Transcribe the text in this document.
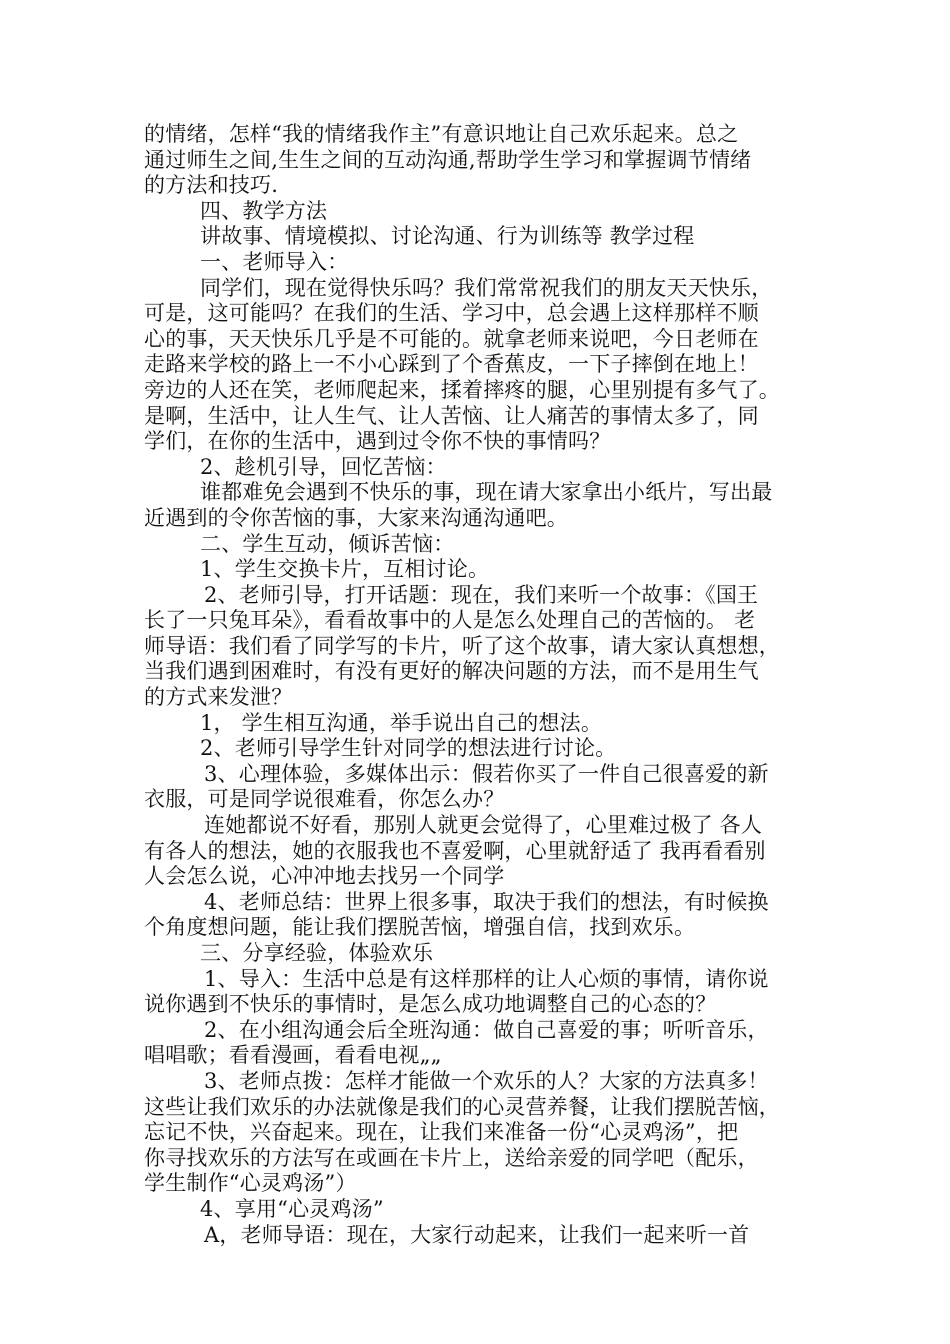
的情绪，怎样“我的情绪我作主”有意识地让自己欢乐起来。总之
通过师生之间,生生之间的互动沟通,帮助学生学习和掌握调节情绪
的方法和技巧.
四、教学方法
讲故事、情境模拟、讨论沟通、行为训练等 教学过程
一、老师导入：
同学们，现在觉得快乐吗？我们常常祝我们的朋友天天快乐，
可是，这可能吗？在我们的生活、学习中，总会遇上这样那样不顺
心的事，天天快乐几乎是不可能的。就拿老师来说吧，今日老师在
走路来学校的路上一不小心踩到了个香蕉皮，一下子摔倒在地上！
旁边的人还在笑，老师爬起来，揉着摔疼的腿，心里别提有多气了。
是啊，生活中，让人生气、让人苦恼、让人痛苦的事情太多了，同
学们，在你的生活中，遇到过令你不快的事情吗？
2、趁机引导，回忆苦恼：
谁都难免会遇到不快乐的事，现在请大家拿出小纸片，写出最
近遇到的令你苦恼的事，大家来沟通沟通吧。
二、学生互动，倾诉苦恼：
1、学生交换卡片，互相讨论。
2、老师引导，打开话题：现在，我们来听一个故事：《国王
长了一只兔耳朵》，看看故事中的人是怎么处理自己的苦恼的。 老
师导语：我们看了同学写的卡片，听了这个故事，请大家认真想想，
当我们遇到困难时，有没有更好的解决问题的方法，而不是用生气
的方式来发泄？
1， 学生相互沟通，举手说出自己的想法。
2、老师引导学生针对同学的想法进行讨论。
3、心理体验，多媒体出示：假若你买了一件自己很喜爱的新
衣服，可是同学说很难看，你怎么办？
连她都说不好看，那别人就更会觉得了，心里难过极了 各人
有各人的想法，她的衣服我也不喜爱啊，心里就舒适了 我再看看别
人会怎么说，心冲冲地去找另一个同学
4、老师总结：世界上很多事，取决于我们的想法，有时候换
个角度想问题，能让我们摆脱苦恼，增强自信，找到欢乐。
三、分享经验，体验欢乐
1、导入：生活中总是有这样那样的让人心烦的事情，请你说
说你遇到不快乐的事情时，是怎么成功地调整自己的心态的？
2、在小组沟通会后全班沟通：做自己喜爱的事；听听音乐，
唱唱歌；看看漫画，看看电视„„
3、老师点拨：怎样才能做一个欢乐的人？大家的方法真多！
这些让我们欢乐的办法就像是我们的心灵营养餐，让我们摆脱苦恼，
忘记不快，兴奋起来。现在，让我们来准备一份“心灵鸡汤”，把
你寻找欢乐的方法写在或画在卡片上，送给亲爱的同学吧（配乐，
学生制作“心灵鸡汤”）
4、享用“心灵鸡汤”
A，老师导语：现在，大家行动起来，让我们一起来听一首
